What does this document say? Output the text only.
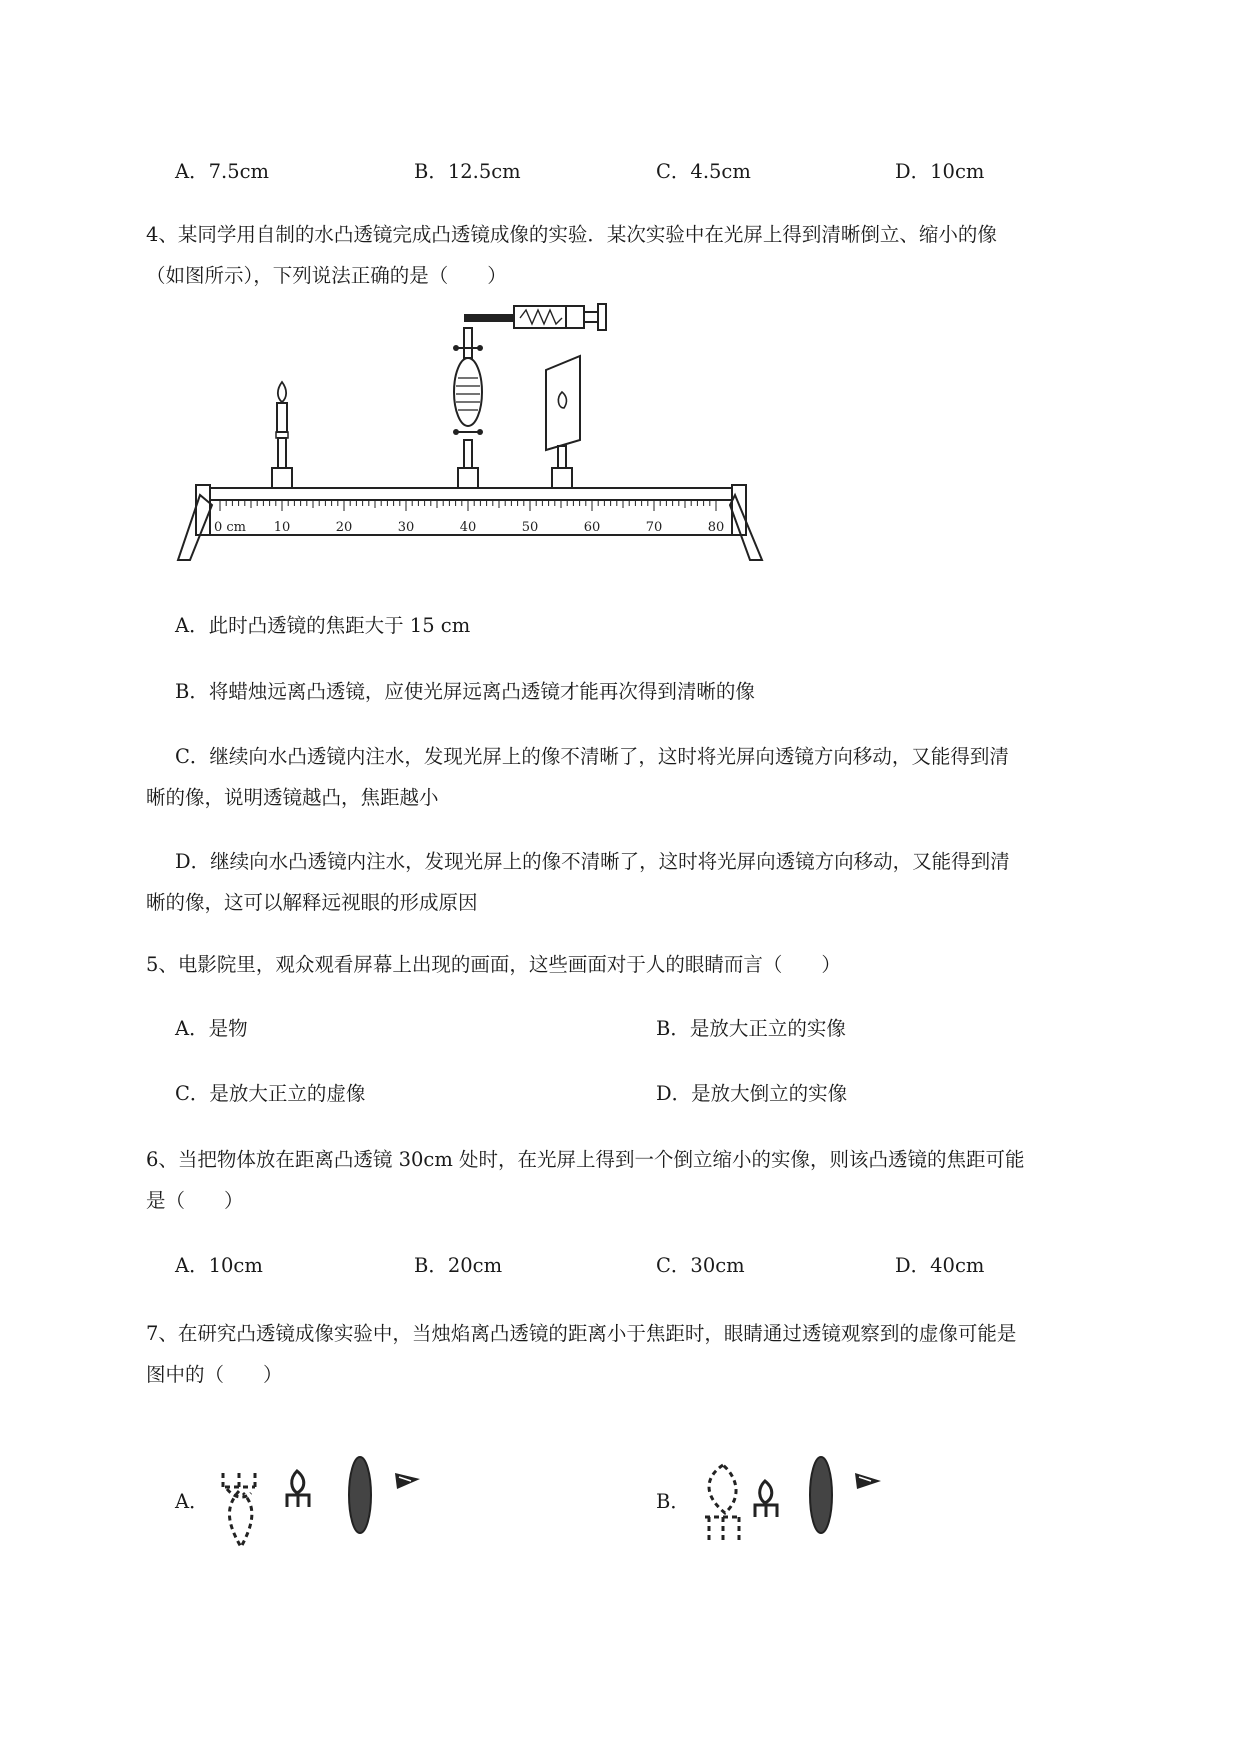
A．7.5cm	B．12.5cm	C．4.5cm	D．10cm
4、某同学用自制的水凸透镜完成凸透镜成像的实验．某次实验中在光屏上得到清晰倒立、缩小的像
（如图所示），下列说法正确的是（　　）
0 cm 10	20	30	40	50	60	70	80
A．此时凸透镜的焦距大于 15 cm
B．将蜡烛远离凸透镜，应使光屏远离凸透镜才能再次得到清晰的像
C．继续向水凸透镜内注水，发现光屏上的像不清晰了，这时将光屏向透镜方向移动，又能得到清
晰的像，说明透镜越凸，焦距越小
D．继续向水凸透镜内注水，发现光屏上的像不清晰了，这时将光屏向透镜方向移动，又能得到清
晰的像，这可以解释远视眼的形成原因
5、电影院里，观众观看屏幕上出现的画面，这些画面对于人的眼睛而言（　　）
A．是物	B．是放大正立的实像
C．是放大正立的虚像	D．是放大倒立的实像
6、当把物体放在距离凸透镜 30cm 处时，在光屏上得到一个倒立缩小的实像，则该凸透镜的焦距可能
是（　　）
A．10cm	B．20cm	C．30cm	D．40cm
7、在研究凸透镜成像实验中，当烛焰离凸透镜的距离小于焦距时，眼睛通过透镜观察到的虚像可能是
图中的（　　）
A．	B．
